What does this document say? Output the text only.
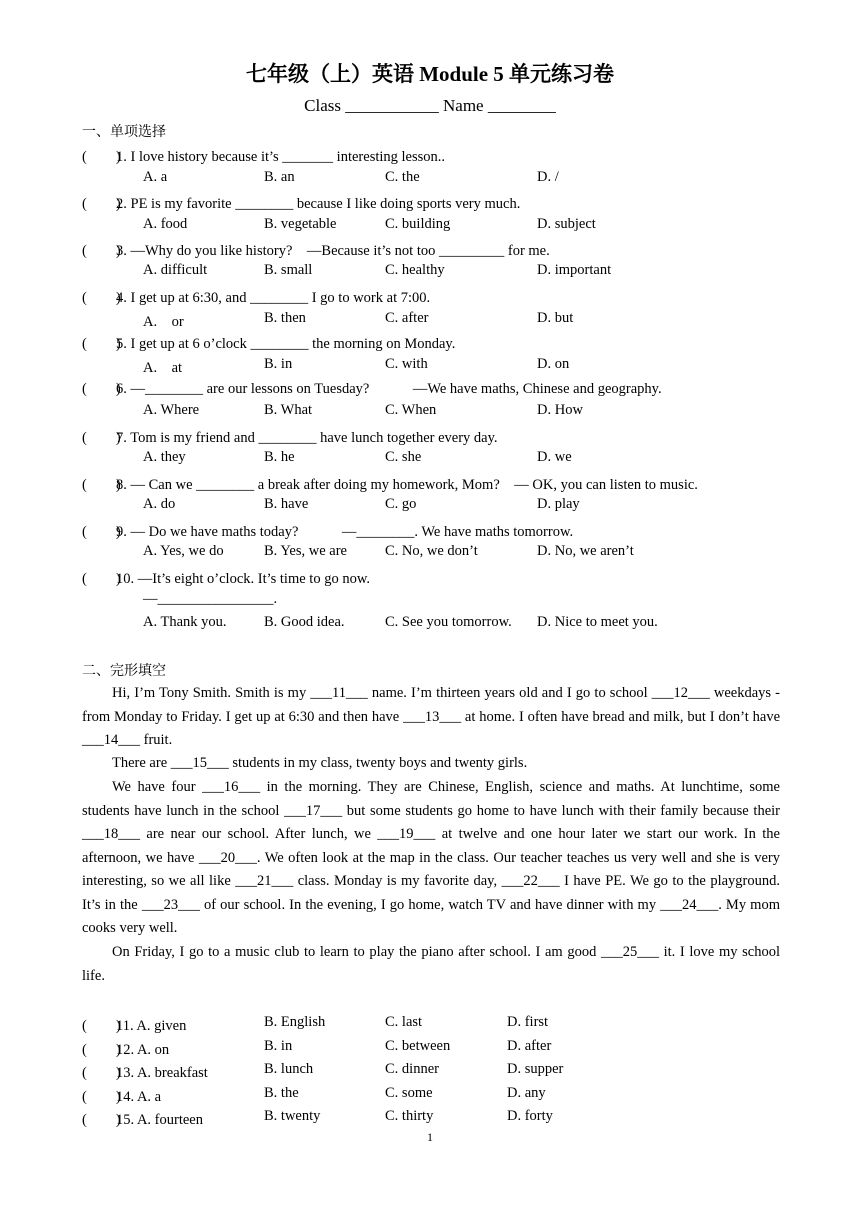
七年级（上）英语 Module 5 单元练习卷
Class ___________ Name ________
一、单项选择
(　　)1. I love history because it’s _______ interesting lesson..
A. a	B. an	C. the	D. /
(　　)2. PE is my favorite ________ because I like doing sports very much.
A. food	B. vegetable	C. building	D. subject
(　　)3. —Why do you like history?　—Because it’s not too _________ for me.
A. difficult	B. small	C. healthy	D. important
(　　)4. I get up at 6:30, and ________ I go to work at 7:00.
A.　or	B. then	C. after	D. but
(　　)5. I get up at 6 o’clock ________ the morning on Monday.
A.　at	B. in	C. with	D. on
(　　)6. —________ are our lessons on Tuesday?　　　—We have maths, Chinese and geography.
A. Where	B. What	C. When	D. How
(　　)7. Tom is my friend and ________ have lunch together every day.
A. they	B. he	C. she	D. we
(　　)8. — Can we ________ a break after doing my homework, Mom?　— OK, you can listen to music.
A. do	B. have	C. go	D. play
(　　)9. — Do we have maths today?　　　—________. We have maths tomorrow.
A. Yes, we do	B. Yes, we are	C. No, we don’t	D. No, we aren’t
(　　)10. —It’s eight o’clock. It’s time to go now.
—________________.
A. Thank you.	B. Good idea.	C. See you tomorrow. D. Nice to meet you.
二、完形填空

Hi, I’m Tony Smith. Smith is my ___11___ name. I’m thirteen years old and I go to school ___12___ weekdays - from Monday to Friday. I get up at 6:30 and then have ___13___ at home. I often have bread and milk, but I don’t have ___14___ fruit.

There are ___15___ students in my class, twenty boys and twenty girls.

We have four ___16___ in the morning. They are Chinese, English, science and maths. At lunchtime, some students have lunch in the school ___17___ but some students go home to have lunch with their family because their ___18___ are near our school. After lunch, we ___19___ at twelve and one hour later we start our work. In the afternoon, we have ___20___. We often look at the map in the class. Our teacher teaches us very well and she is very interesting, so we all like ___21___ class. Monday is my favorite day, ___22___ I have PE. We go to the playground. It’s in the ___23___ of our school. In the evening, I go home, watch TV and have dinner with my ___24___. My mom cooks very well.

On Friday, I go to a music club to learn to play the piano after school. I am good ___25___ it. I love my school life.

(　　)11. A. given	B. English	C. last	D. first
(　　)12. A. on	B. in	C. between	D. after
(　　)13. A. breakfast	B. lunch	C. dinner	D. supper
(　　)14. A. a	B. the	C. some	D. any
(　　)15. A. fourteen	B. twenty	C. thirty	D. forty
1
